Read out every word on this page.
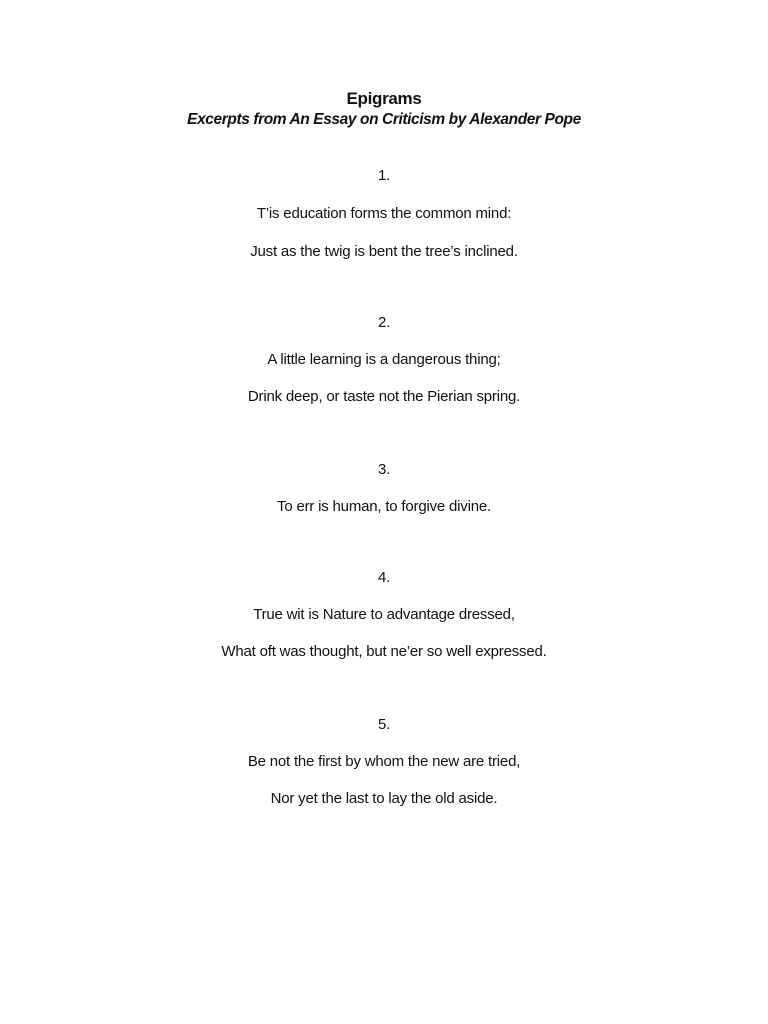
Epigrams
Excerpts from An Essay on Criticism by Alexander Pope
1.
T’is education forms the common mind:
Just as the twig is bent the tree’s inclined.
2.
A little learning is a dangerous thing;
Drink deep, or taste not the Pierian spring.
3.
To err is human, to forgive divine.
4.
True wit is Nature to advantage dressed,
What oft was thought, but ne’er so well expressed.
5.
Be not the first by whom the new are tried,
Nor yet the last to lay the old aside.
